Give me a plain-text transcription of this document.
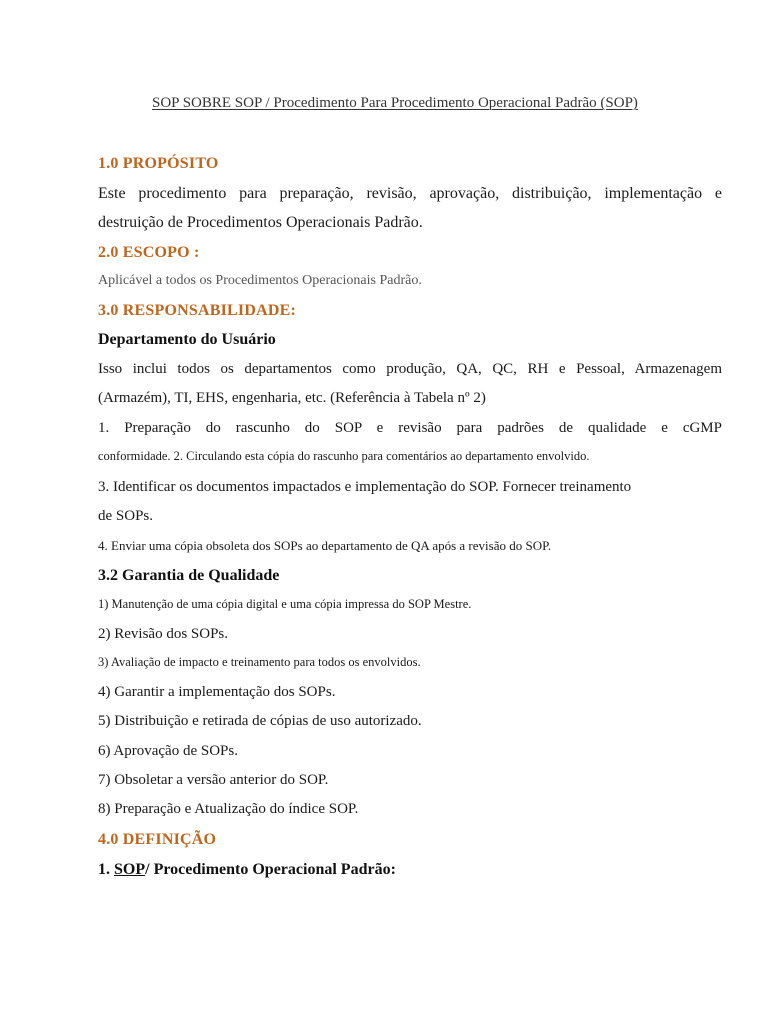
SOP SOBRE SOP / Procedimento Para Procedimento Operacional Padrão (SOP)
1.0 PROPÓSITO
Este procedimento para preparação, revisão, aprovação, distribuição, implementação e
destruição de Procedimentos Operacionais Padrão.
2.0 ESCOPO :
Aplicável a todos os Procedimentos Operacionais Padrão.
3.0 RESPONSABILIDADE:
Departamento do Usuário
Isso inclui todos os departamentos como produção, QA, QC, RH e Pessoal, Armazenagem
(Armazém), TI, EHS, engenharia, etc. (Referência à Tabela nº 2)
1. Preparação do rascunho do SOP e revisão para padrões de qualidade e cGMP
conformidade. 2. Circulando esta cópia do rascunho para comentários ao departamento envolvido.
3. Identificar os documentos impactados e implementação do SOP. Fornecer treinamento
de SOPs.
4. Enviar uma cópia obsoleta dos SOPs ao departamento de QA após a revisão do SOP.
3.2 Garantia de Qualidade
1) Manutenção de uma cópia digital e uma cópia impressa do SOP Mestre.
2) Revisão dos SOPs.
3) Avaliação de impacto e treinamento para todos os envolvidos.
4) Garantir a implementação dos SOPs.
5) Distribuição e retirada de cópias de uso autorizado.
6) Aprovação de SOPs.
7) Obsoletar a versão anterior do SOP.
8) Preparação e Atualização do índice SOP.
4.0 DEFINIÇÃO
1. SOP/ Procedimento Operacional Padrão:
